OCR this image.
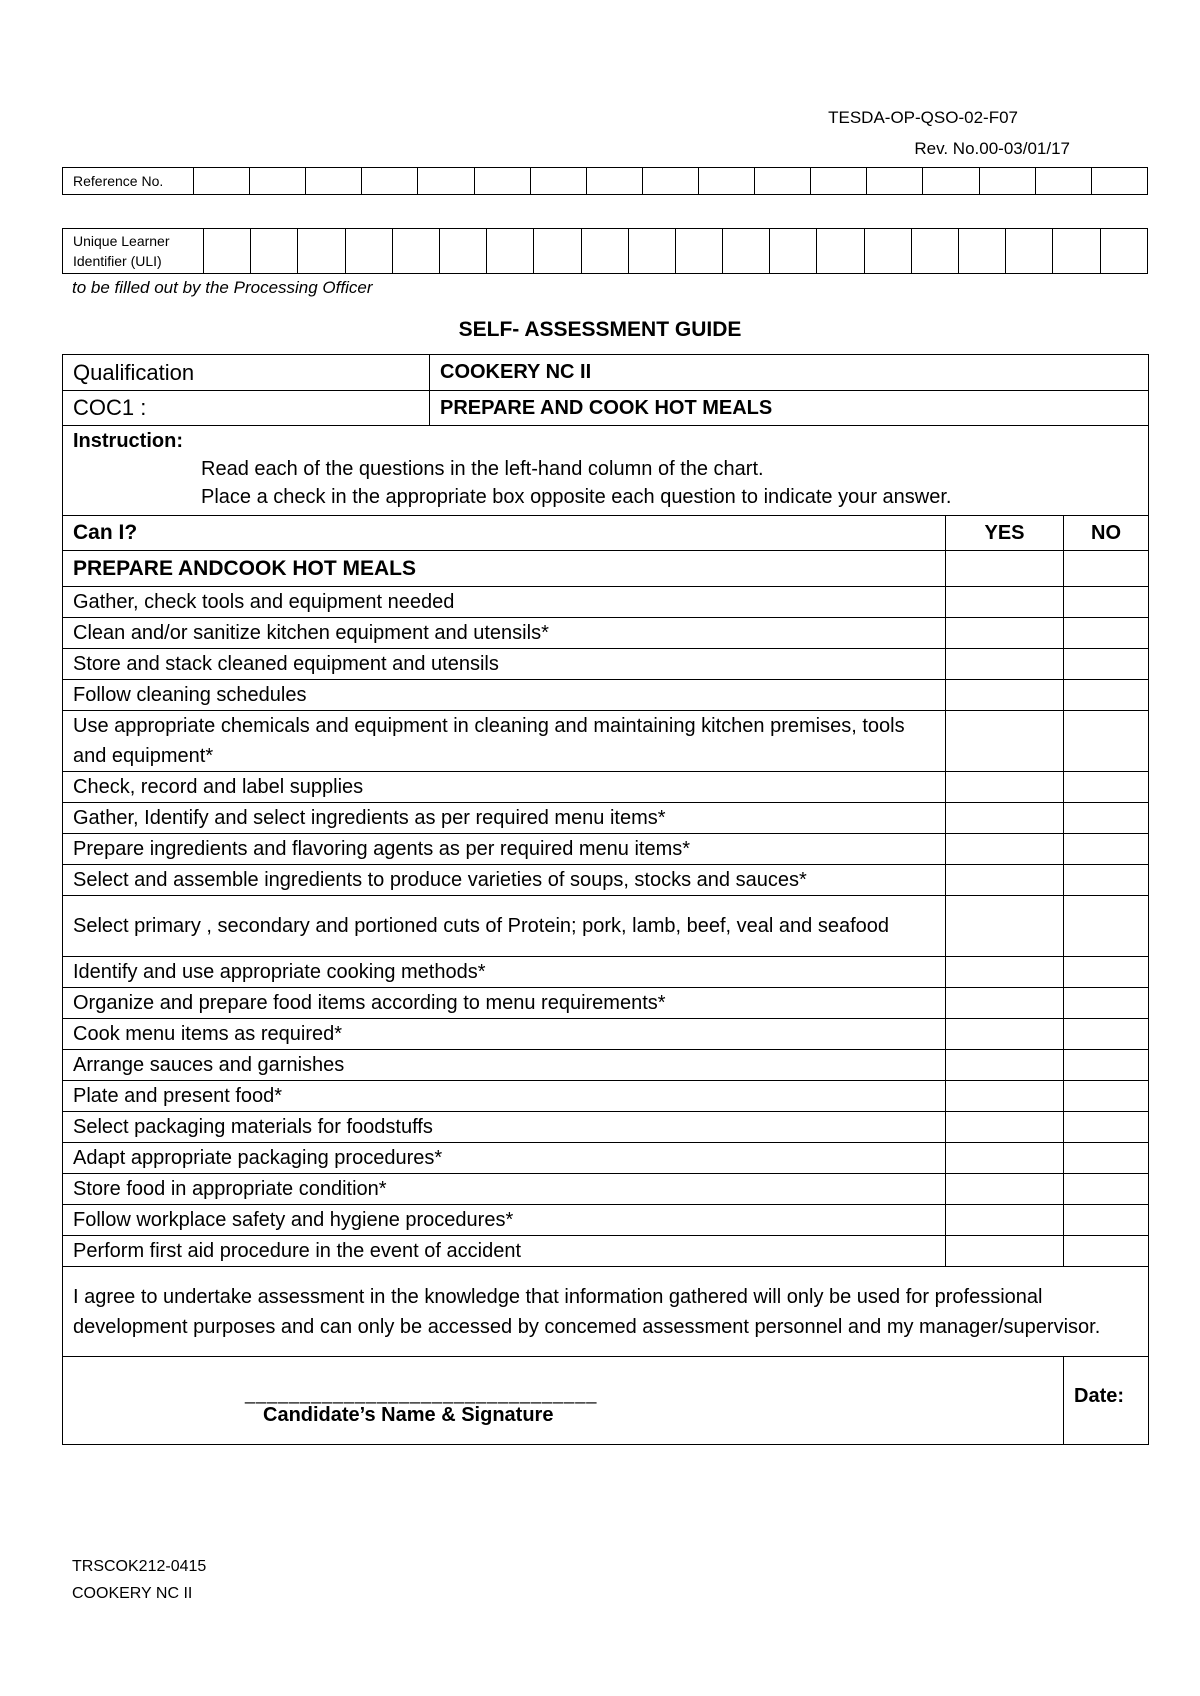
TESDA-OP-QSO-02-F07
Rev. No.00-03/01/17
Reference No.																	
Unique Learner
Identifier (ULI)																				
to be filled out by the Processing Officer
SELF- ASSESSMENT GUIDE
Qualification	COOKERY NC II		
COC1 :	PREPARE AND COOK HOT MEALS		

Instruction:
Read each of the questions in the left-hand column of the chart.
Place a check in the appropriate box opposite each question to indicate your answer.			

Can I?		YES	NO
PREPARE ANDCOOK HOT MEALS			
Gather, check tools and equipment needed			
Clean and/or sanitize kitchen equipment and utensils*			
Store and stack cleaned equipment and utensils			
Follow cleaning schedules			
Use appropriate chemicals and equipment in cleaning and maintaining kitchen premises, tools and equipment*			
Check, record and label supplies			
Gather, Identify and select ingredients as per required menu items*			
Prepare ingredients and flavoring agents as per required menu items*			
Select and assemble ingredients to produce varieties of soups, stocks and sauces*			
Select primary , secondary and portioned cuts of Protein; pork, lamb, beef, veal and seafood			
Identify and use appropriate cooking methods*			
Organize and prepare food items according to menu requirements*			
Cook menu items as required*			
Arrange sauces and garnishes			
Plate and present food*			
Select packaging materials for foodstuffs			
Adapt appropriate packaging procedures*			
Store food in appropriate condition*			
Follow workplace safety and hygiene procedures*			
Perform first aid procedure in the event of accident			
I agree to undertake assessment in the knowledge that information gathered will only be used for professional development purposes and can only be accessed by concemed assessment personnel and my manager/supervisor.			

________________________________
Candidate’s Name & Signature			Date:
TRSCOK212-0415
COOKERY NC II
